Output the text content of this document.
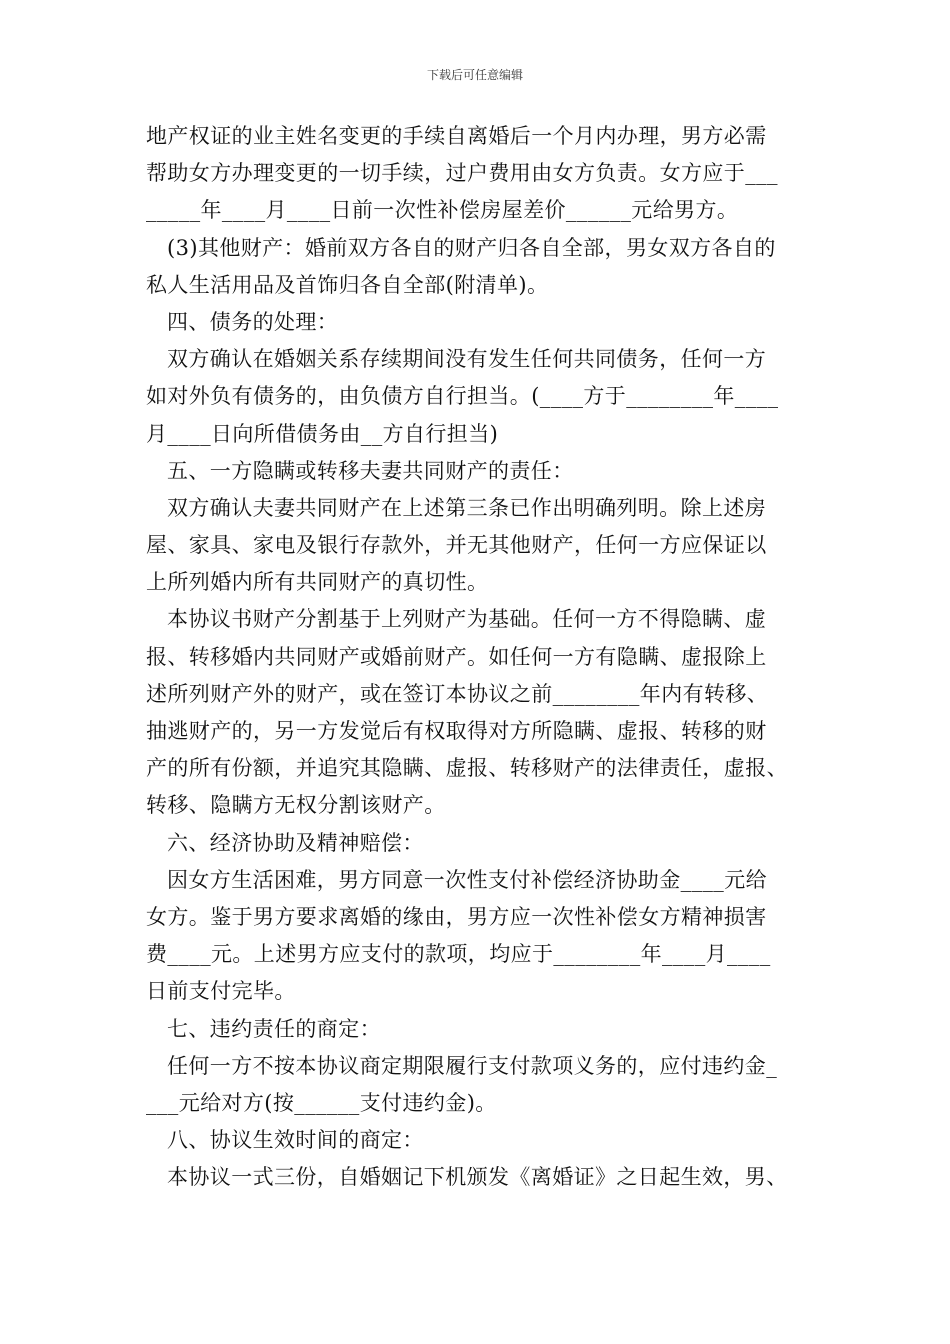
下载后可任意编辑
地产权证的业主姓名变更的手续自离婚后一个月内办理，男方必需
帮助女方办理变更的一切手续，过户费用由女方负责。女方应于___
_____年____月____日前一次性补偿房屋差价______元给男方。
(3)其他财产：婚前双方各自的财产归各自全部，男女双方各自的
私人生活用品及首饰归各自全部(附清单)。
四、债务的处理：
双方确认在婚姻关系存续期间没有发生任何共同债务，任何一方
如对外负有债务的，由负债方自行担当。(____方于________年____
月____日向所借债务由__方自行担当)
五、一方隐瞒或转移夫妻共同财产的责任：
双方确认夫妻共同财产在上述第三条已作出明确列明。除上述房
屋、家具、家电及银行存款外，并无其他财产，任何一方应保证以
上所列婚内所有共同财产的真切性。
本协议书财产分割基于上列财产为基础。任何一方不得隐瞒、虚
报、转移婚内共同财产或婚前财产。如任何一方有隐瞒、虚报除上
述所列财产外的财产，或在签订本协议之前________年内有转移、
抽逃财产的，另一方发觉后有权取得对方所隐瞒、虚报、转移的财
产的所有份额，并追究其隐瞒、虚报、转移财产的法律责任，虚报、
转移、隐瞒方无权分割该财产。
六、经济协助及精神赔偿：
因女方生活困难，男方同意一次性支付补偿经济协助金____元给
女方。鉴于男方要求离婚的缘由，男方应一次性补偿女方精神损害
费____元。上述男方应支付的款项，均应于________年____月____
日前支付完毕。
七、违约责任的商定：
任何一方不按本协议商定期限履行支付款项义务的，应付违约金_
___元给对方(按______支付违约金)。
八、协议生效时间的商定：
本协议一式三份，自婚姻记下机颁发《离婚证》之日起生效，男、
